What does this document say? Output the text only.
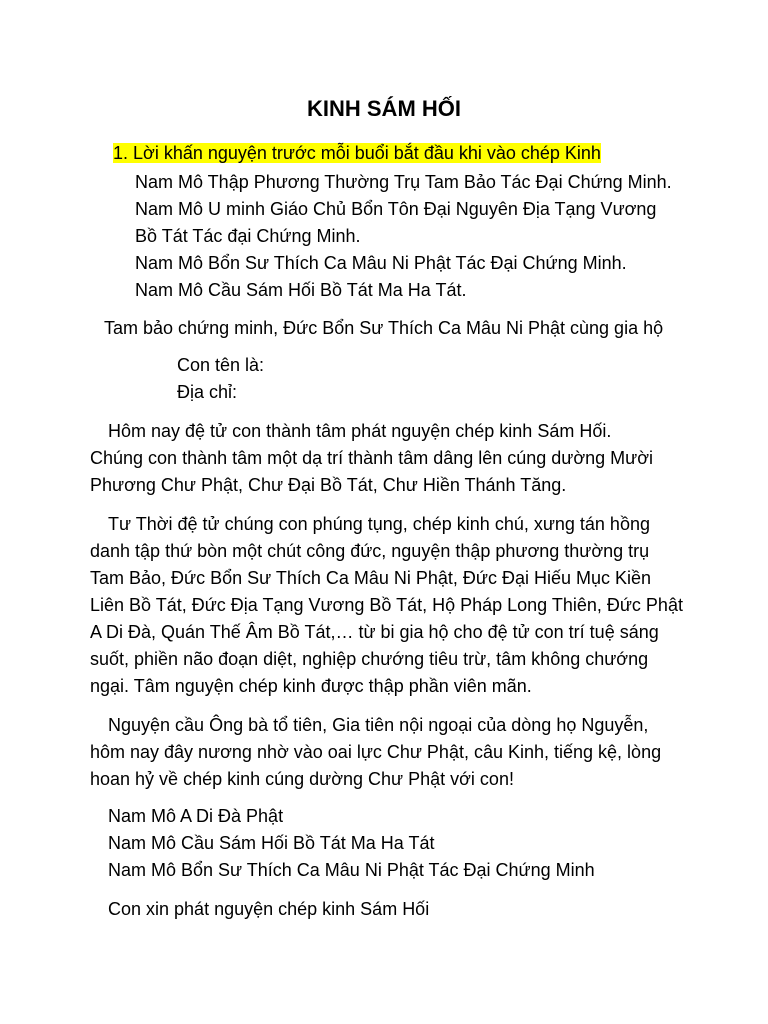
KINH SÁM HỐI
1. Lời khấn nguyện trước mỗi buổi bắt đầu khi vào chép Kinh
Nam Mô Thập Phương Thường Trụ Tam Bảo Tác Đại Chứng Minh.
Nam Mô U minh Giáo Chủ Bổn Tôn Đại Nguyên Địa Tạng Vương
Bồ Tát Tác đại Chứng Minh.
Nam Mô Bổn Sư Thích Ca Mâu Ni Phật Tác Đại Chứng Minh.
Nam Mô Cầu Sám Hối Bồ Tát Ma Ha Tát.
Tam bảo chứng minh, Đức Bổn Sư Thích Ca Mâu Ni Phật cùng gia hộ
Con tên là:
Địa chỉ:
Hôm nay đệ tử con thành tâm phát nguyện chép kinh Sám Hối.
Chúng con thành tâm một dạ trí thành tâm dâng lên cúng dường Mười
Phương Chư Phật, Chư Đại Bồ Tát, Chư Hiền Thánh Tăng.
Tư Thời đệ tử chúng con phúng tụng, chép kinh chú, xưng tán hồng
danh tập thứ bòn một chút công đức, nguyện thập phương thường trụ
Tam Bảo, Đức Bổn Sư Thích Ca Mâu Ni Phật, Đức Đại Hiếu Mục Kiền
Liên Bồ Tát, Đức Địa Tạng Vương Bồ Tát, Hộ Pháp Long Thiên, Đức Phật
A Di Đà, Quán Thế Âm Bồ Tát,… từ bi gia hộ cho đệ tử con trí tuệ sáng
suốt, phiền não đoạn diệt, nghiệp chướng tiêu trừ, tâm không chướng
ngại. Tâm nguyện chép kinh được thập phần viên mãn.
Nguyện cầu Ông bà tổ tiên, Gia tiên nội ngoại của dòng họ Nguyễn,
hôm nay đây nương nhờ vào oai lực Chư Phật, câu Kinh, tiếng kệ, lòng
hoan hỷ về chép kinh cúng dường Chư Phật với con!
Nam Mô A Di Đà Phật
Nam Mô Cầu Sám Hối Bồ Tát Ma Ha Tát
Nam Mô Bổn Sư Thích Ca Mâu Ni Phật Tác Đại Chứng Minh
Con xin phát nguyện chép kinh Sám Hối
